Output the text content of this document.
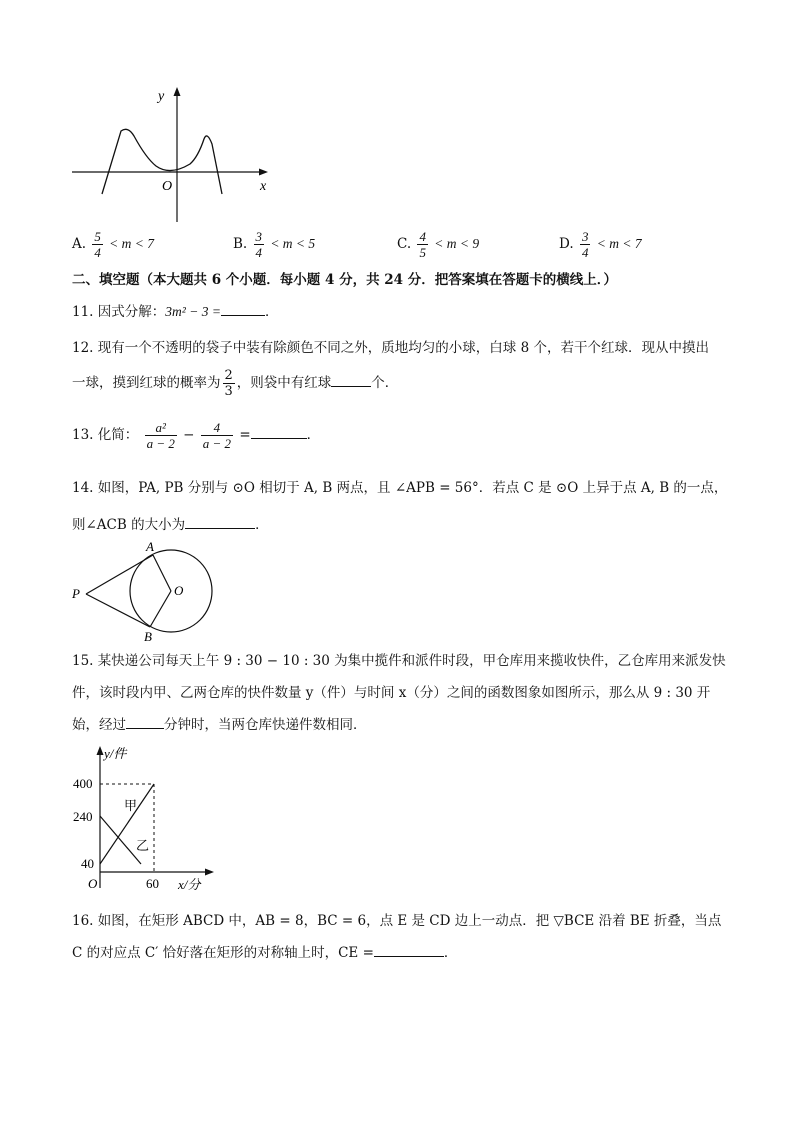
y
x
O
A. $\frac{5}{4} < m < 7$	B. $\frac{3}{4} < m < 5$	C. $\frac{4}{5} < m < 9$	D. $\frac{3}{4} < m < 7$
二、填空题（本大题共 6 个小题．每小题 4 分，共 24 分．把答案填在答题卡的横线上．）
11. 因式分解：3m² − 3 =	．
12. 现有一个不透明的袋子中装有除颜色不同之外，质地均匀的小球，白球 8 个，若干个红球．现从中摸出
一球，摸到红球的概率为 $\frac{2}{3}$ ，则袋中有红球	个．
13. 化简： $\frac{\text{a²}}{a - 2} - \frac{4}{a - 2}$ =	．
14. 如图，PA, PB 分别与 ⊙O 相切于 A, B 两点，且 ∠APB = 56°．若点 C 是 ⊙O 上异于点 A, B 的一点，
则∠ACB 的大小为	．
A
B
P	O
15. 某快递公司每天上午 9 : 30 − 10 : 30 为集中揽件和派件时段，甲仓库用来揽收快件，乙仓库用来派发快
件，该时段内甲、乙两仓库的快件数量 y（件）与时间 x（分）之间的函数图象如图所示，那么从 9 : 30 开
始，经过	分钟时，当两仓库快递件数相同．
y/件
x/分
O
400
240
40
60
甲
乙
16. 如图，在矩形 ABCD 中，AB = 8，BC = 6，点 E 是 CD 边上一动点．把 ▽BCE 沿着 BE 折叠，当点
C 的对应点 C′ 恰好落在矩形的对称轴上时，CE =	．
